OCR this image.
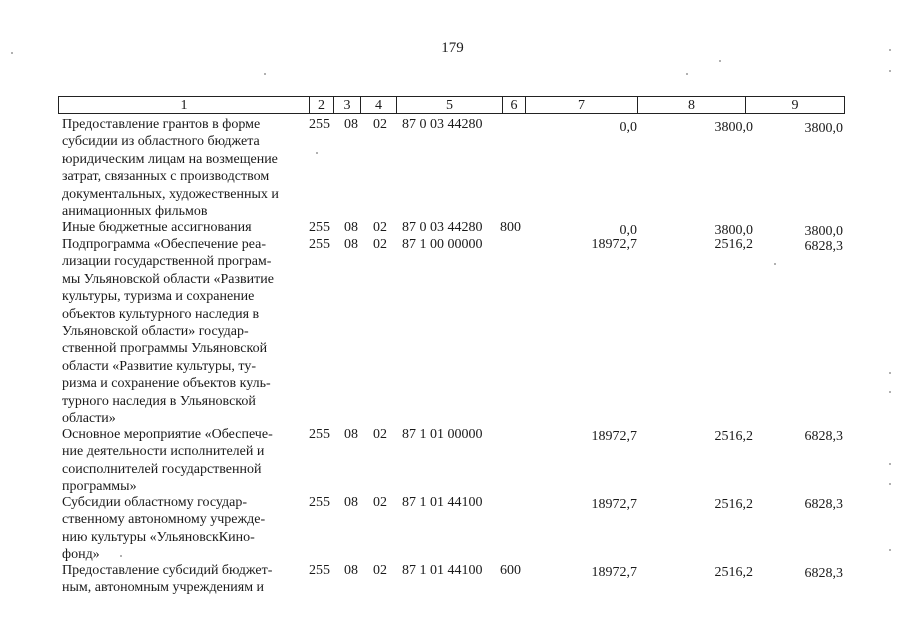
179
1	2	3	4	5	6	7	8	9
Предоставление грантов в форме
субсидии из областного бюджета
юридическим лицам на возмещение
затрат, связанных с производством
документальных, художественных и
анимационных фильмов
255 08 02 87 0 03 44280	0,0	3800,0	3800,0
Иные бюджетные ассигнования	255 08 02 87 0 03 44280 800	0,0	3800,0	3800,0
Подпрограмма «Обеспечение реа-
лизации государственной програм-
мы Ульяновской области «Развитие
культуры, туризма и сохранение
объектов культурного наследия в
Ульяновской области» государ-
ственной программы Ульяновской
области «Развитие культуры, ту-
ризма и сохранение объектов куль-
турного наследия в Ульяновской
области»
255 08 02 87 1 00 00000	18972,7	2516,2	6828,3
Основное мероприятие «Обеспече-
ние деятельности исполнителей и
соисполнителей государственной
программы»
255 08 02 87 1 01 00000	18972,7	2516,2	6828,3
Субсидии областному государ-
ственному автономному учрежде-
нию культуры «УльяновскКино-
фонд»
255 08 02 87 1 01 44100	18972,7	2516,2	6828,3
Предоставление субсидий бюджет-
ным, автономным учреждениям и
255 08 02 87 1 01 44100 600	18972,7	2516,2	6828,3
